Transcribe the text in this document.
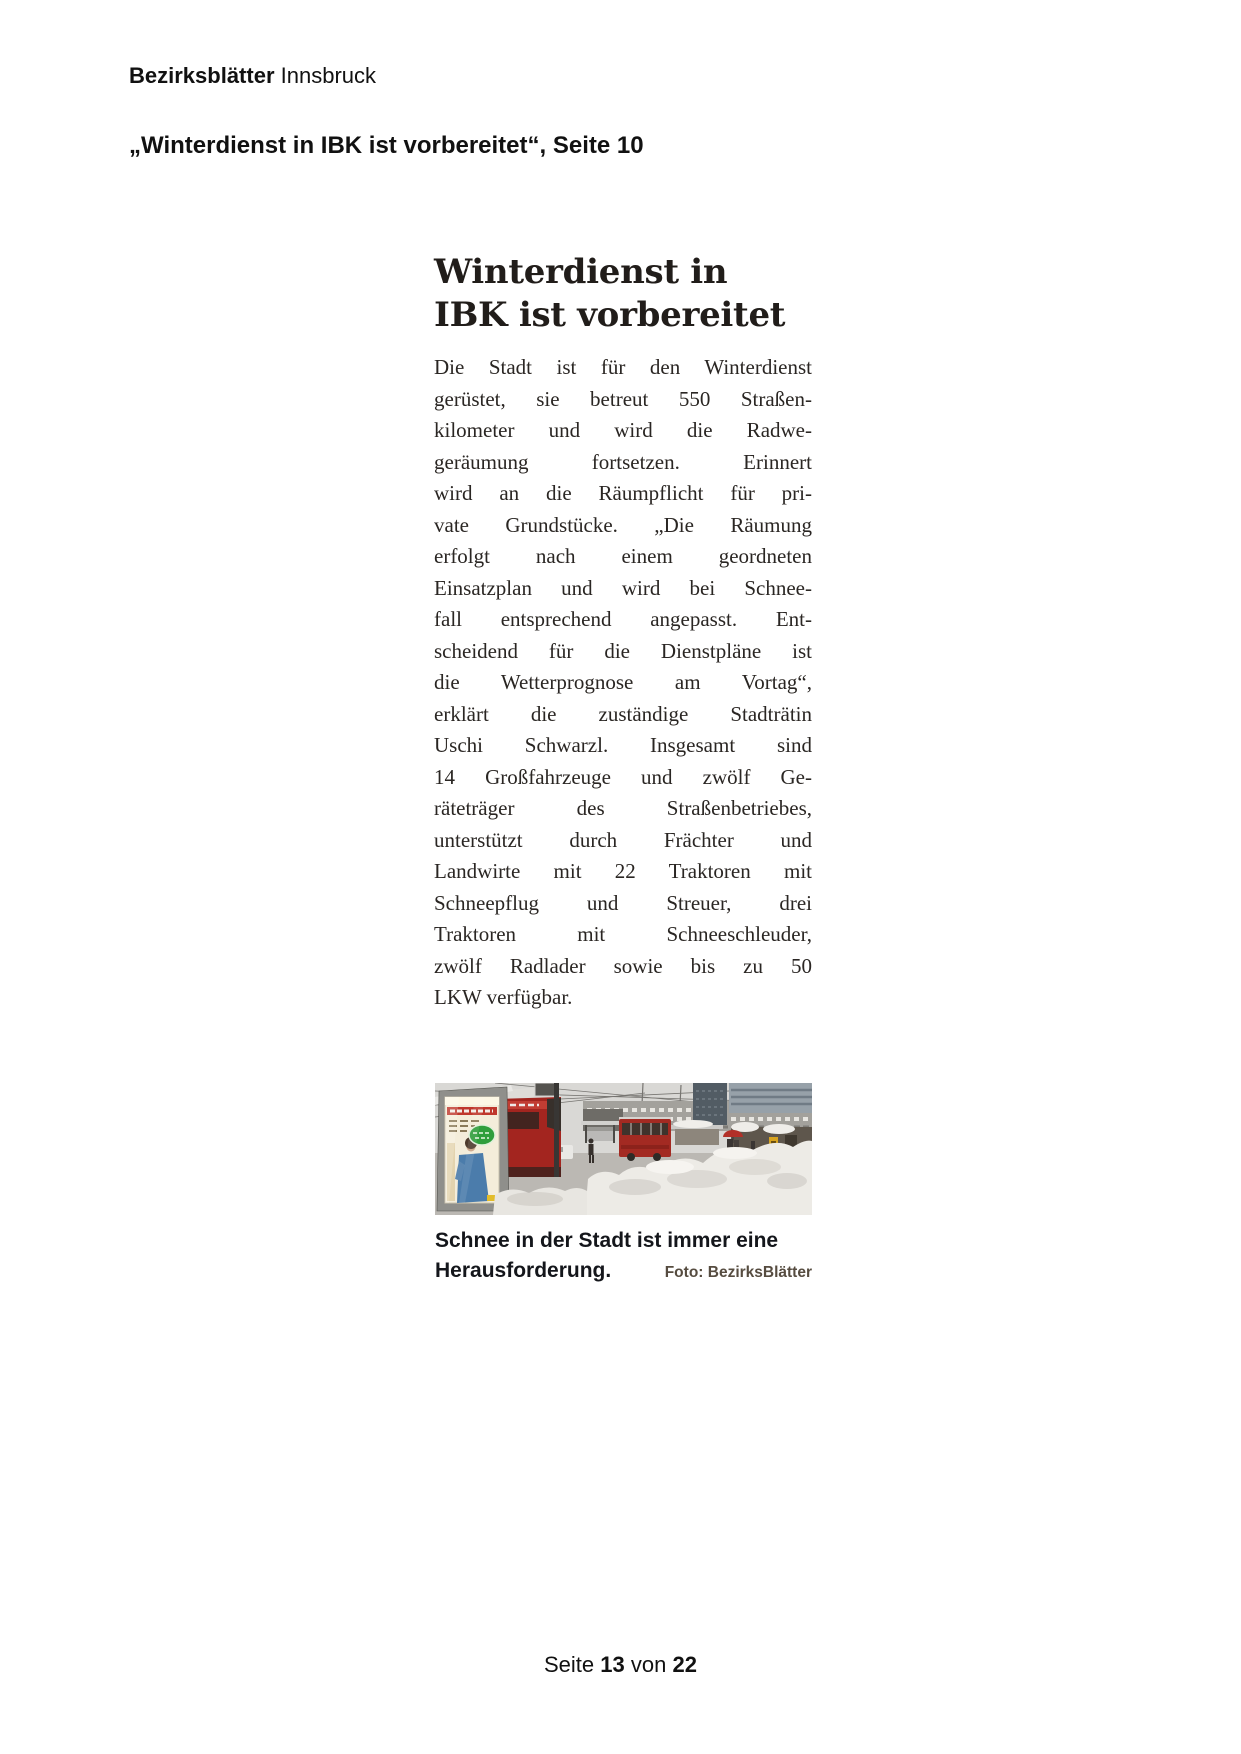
Bezirksblätter Innsbruck
„Winterdienst in IBK ist vorbereitet“, Seite 10
Winterdienst in
IBK ist vorbereitet
Die Stadt ist für den Winterdienst
gerüstet, sie betreut 550 Straßen-
kilometer und wird die Radwe-
geräumung fortsetzen. Erinnert
wird an die Räumpflicht für pri-
vate Grundstücke. „Die Räumung
erfolgt nach einem geordneten
Einsatzplan und wird bei Schnee-
fall entsprechend angepasst. Ent-
scheidend für die Dienstpläne ist
die Wetterprognose am Vortag“,
erklärt die zuständige Stadträtin
Uschi Schwarzl. Insgesamt sind
14 Großfahrzeuge und zwölf Ge-
räteträger des Straßenbetriebes,
unterstützt durch Frächter und
Landwirte mit 22 Traktoren mit
Schneepflug und Streuer, drei
Traktoren mit Schneeschleuder,
zwölf Radlader sowie bis zu 50
LKW verfügbar.
Schnee in der Stadt ist immer eine
Herausforderung.	Foto: BezirksBlätter
Seite 13 von 22
